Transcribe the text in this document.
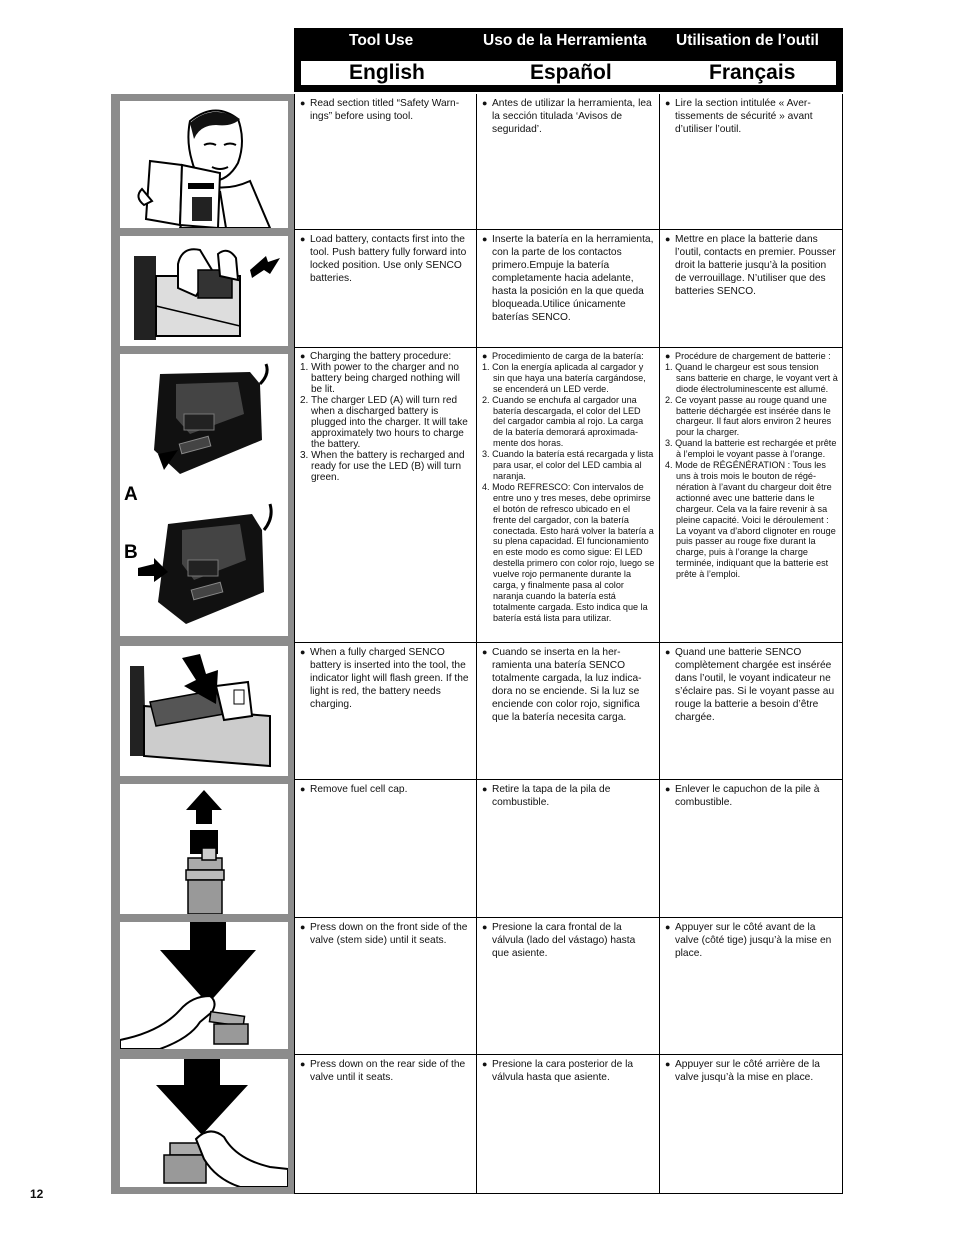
Tool Use	Uso de la Herramienta Utilisation de l’outil
English	Español	Français
A
B
● Read section titled “Safety Warnings” before using tool.
● Antes de utilizar la herramienta, lea la sección titulada ‘Avisos de seguridad’.
● Lire la section intitulée « Avertissements de sécurité » avant d’utiliser l’outil.
● Load battery, contacts first into the tool. Push battery fully forward into locked position. Use only SENCO batteries.
● Inserte la batería en la herramienta, con la parte de los contactos primero.Empuje la batería completamente hacia adelante, hasta la posición en la que queda bloqueada.Utilice únicamente baterías SENCO.
● Mettre en place la batterie dans l’outil, contacts en premier. Pousser droit la batterie jusqu’à la position de verrouillage. N’utiliser que des batteries SENCO.
● Charging the battery procedure:
1. With power to the charger and no battery being charged nothing will be lit.
2. The charger LED (A) will turn red when a discharged battery is plugged into the charger. It will take approximately two hours to charge the battery.
3. When the battery is recharged and ready for use the LED (B) will turn green.
● Procedimiento de carga de la batería:
1. Con la energía aplicada al cargador y sin que haya una batería cargándose, se encenderá un LED verde.
2. Cuando se enchufa al cargador una batería descargada, el color del LED del cargador cambia al rojo. La carga de la batería demorará aproximadamente dos horas.
3. Cuando la batería está recargada y lista para usar, el color del LED cambia al naranja.
4. Modo REFRESCO: Con intervalos de entre uno y tres meses, debe oprimirse el botón de refresco ubicado en el frente del cargador, con la batería conectada. Esto hará volver la batería a su plena capacidad. El funcionamiento en este modo es como sigue: El LED destella primero con color rojo, luego se vuelve rojo permanente durante la carga, y finalmente pasa al color naranja cuando la batería está totalmente cargada. Esto indica que la batería está lista para utilizar.
● Procédure de chargement de batterie :
1. Quand le chargeur est sous tension sans batterie en charge, le voyant vert à diode électroluminescente est allumé.
2. Ce voyant passe au rouge quand une batterie déchargée est insérée dans le chargeur. Il faut alors environ 2 heures pour la charger.
3. Quand la batterie est rechargée et prête à l’emploi le voyant passe à l’orange.
4. Mode de RÉGÉNÉRATION : Tous les uns à trois mois le bouton de régénération à l’avant du chargeur doit être actionné avec une batterie dans le chargeur. Cela va la faire revenir à sa pleine capacité. Voici le déroulement : La voyant va d’abord clignoter en rouge puis passer au rouge fixe durant la charge, puis à l’orange la charge terminée, indiquant que la batterie est prête à l’emploi.
● When a fully charged SENCO battery is inserted into the tool, the indicator light will flash green. If the light is red, the battery needs charging.
● Cuando se inserta en la herramienta una batería SENCO totalmente cargada, la luz indicadora no se enciende. Si la luz se enciende con color rojo, significa que la batería necesita carga.
● Quand une batterie SENCO complètement chargée est insérée dans l’outil, le voyant indicateur ne s’éclaire pas. Si le voyant passe au rouge la batterie a besoin d’être chargée.
● Remove fuel cell cap.
●	Retire la tapa de la pila de combustible.
● Enlever le capuchon de la pile à combustible.
● Press down on the front side of the valve (stem side) until it seats.
● Presione la cara frontal de la válvula (lado del vástago) hasta que asiente.
● Appuyer sur le côté avant de la valve (côté tige) jusqu’à la mise en place.
● Press down on the rear side of the valve until it seats.
● Presione la cara posterior de la válvula hasta que asiente.
● Appuyer sur le côté arrière de la valve jusqu’à la mise en place.
12
